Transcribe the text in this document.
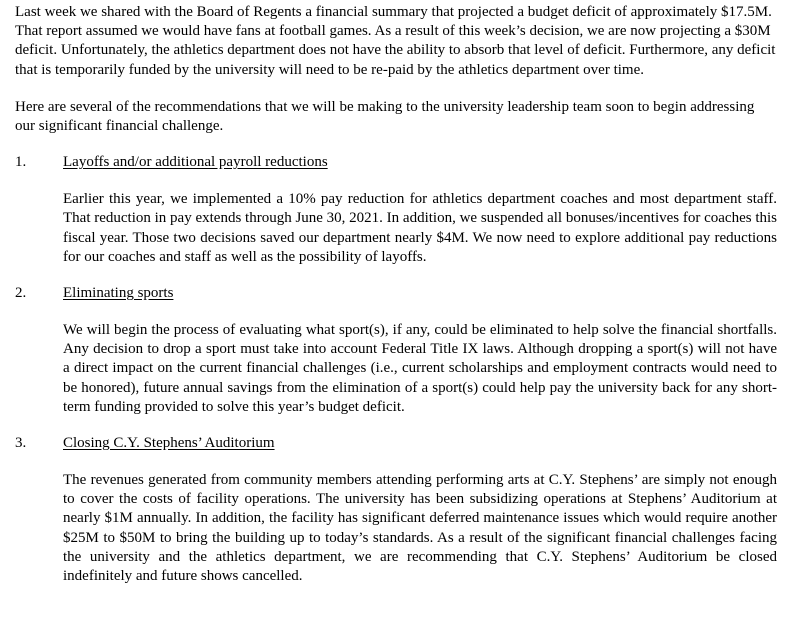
Last week we shared with the Board of Regents a financial summary that projected a budget deficit of approximately $17.5M. That report assumed we would have fans at football games. As a result of this week’s decision, we are now projecting a $30M deficit. Unfortunately, the athletics department does not have the ability to absorb that level of deficit. Furthermore, any deficit that is temporarily funded by the university will need to be re-paid by the athletics department over time.

Here are several of the recommendations that we will be making to the university leadership team soon to begin addressing our significant financial challenge.

1. Layoffs and/or additional payroll reductions

Earlier this year, we implemented a 10% pay reduction for athletics department coaches and most department staff. That reduction in pay extends through June 30, 2021. In addition, we suspended all bonuses/incentives for coaches this fiscal year. Those two decisions saved our department nearly $4M. We now need to explore additional pay reductions for our coaches and staff as well as the possibility of layoffs.

2. Eliminating sports

We will begin the process of evaluating what sport(s), if any, could be eliminated to help solve the financial shortfalls. Any decision to drop a sport must take into account Federal Title IX laws. Although dropping a sport(s) will not have a direct impact on the current financial challenges (i.e., current scholarships and employment contracts would need to be honored), future annual savings from the elimination of a sport(s) could help pay the university back for any short-term funding provided to solve this year’s budget deficit.

3. Closing C.Y. Stephens’ Auditorium

The revenues generated from community members attending performing arts at C.Y. Stephens’ are simply not enough to cover the costs of facility operations. The university has been subsidizing operations at Stephens’ Auditorium at nearly $1M annually. In addition, the facility has significant deferred maintenance issues which would require another $25M to $50M to bring the building up to today’s standards. As a result of the significant financial challenges facing the university and the athletics department, we are recommending that C.Y. Stephens’ Auditorium be closed indefinitely and future shows cancelled.
